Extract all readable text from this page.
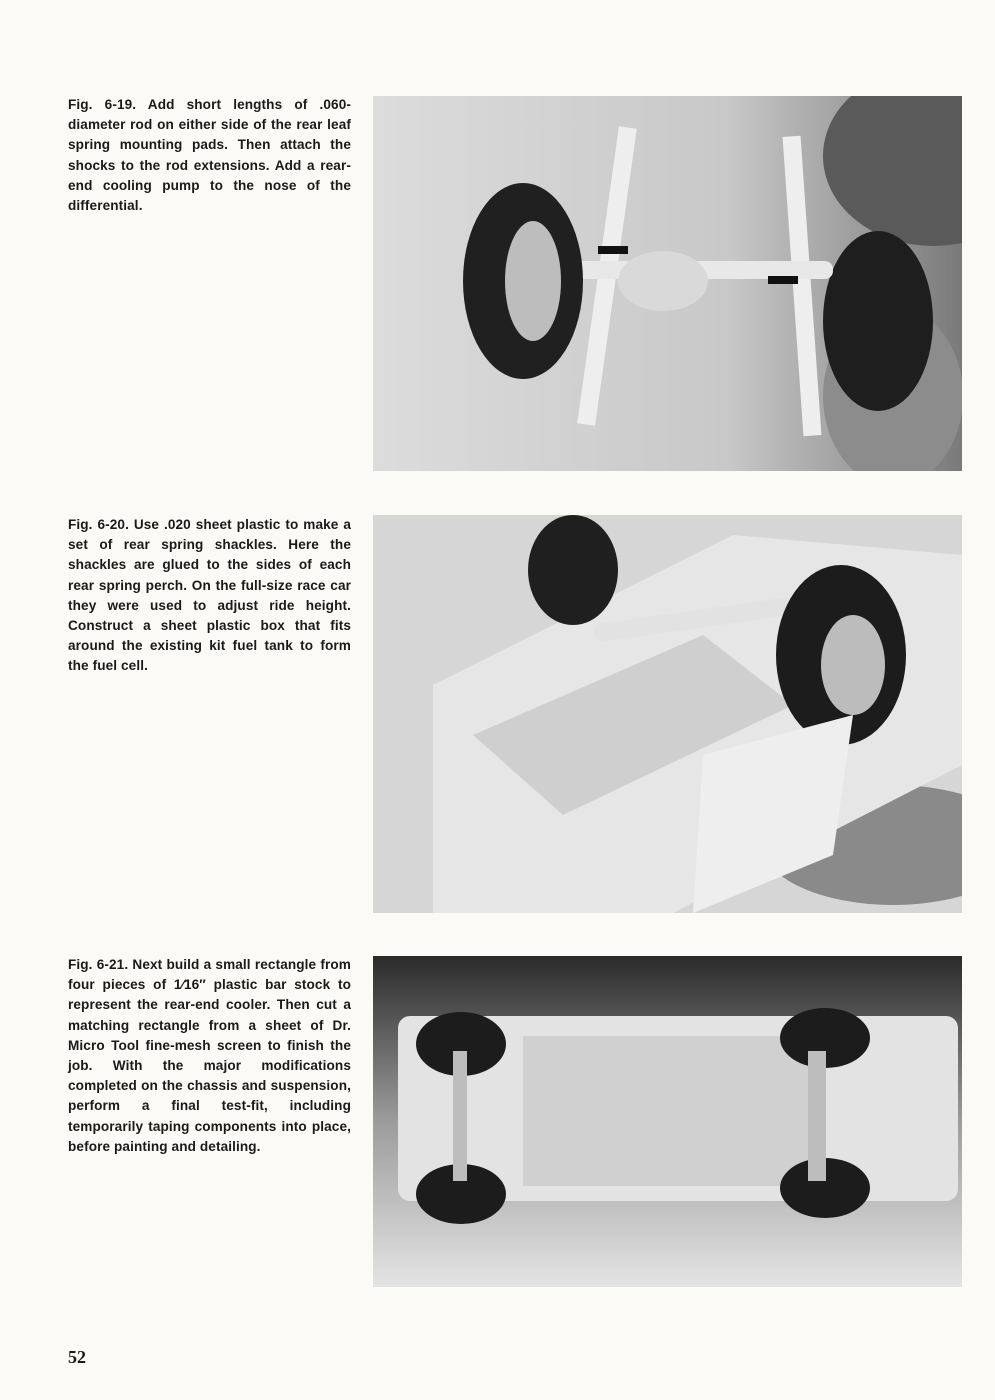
Fig. 6-19. Add short lengths of .060-diameter rod on either side of the rear leaf spring mounting pads. Then attach the shocks to the rod extensions. Add a rear-end cooling pump to the nose of the differential.

Fig. 6-20. Use .020 sheet plastic to make a set of rear spring shackles. Here the shackles are glued to the sides of each rear spring perch. On the full-size race car they were used to adjust ride height. Construct a sheet plastic box that fits around the existing kit fuel tank to form the fuel cell.

Fig. 6-21. Next build a small rectangle from four pieces of 1⁄16″ plastic bar stock to represent the rear-end cooler. Then cut a matching rectangle from a sheet of Dr. Micro Tool fine-mesh screen to finish the job. With the major modifications completed on the chassis and suspension, perform a final test-fit, including temporarily taping components into place, before painting and detailing.

52
